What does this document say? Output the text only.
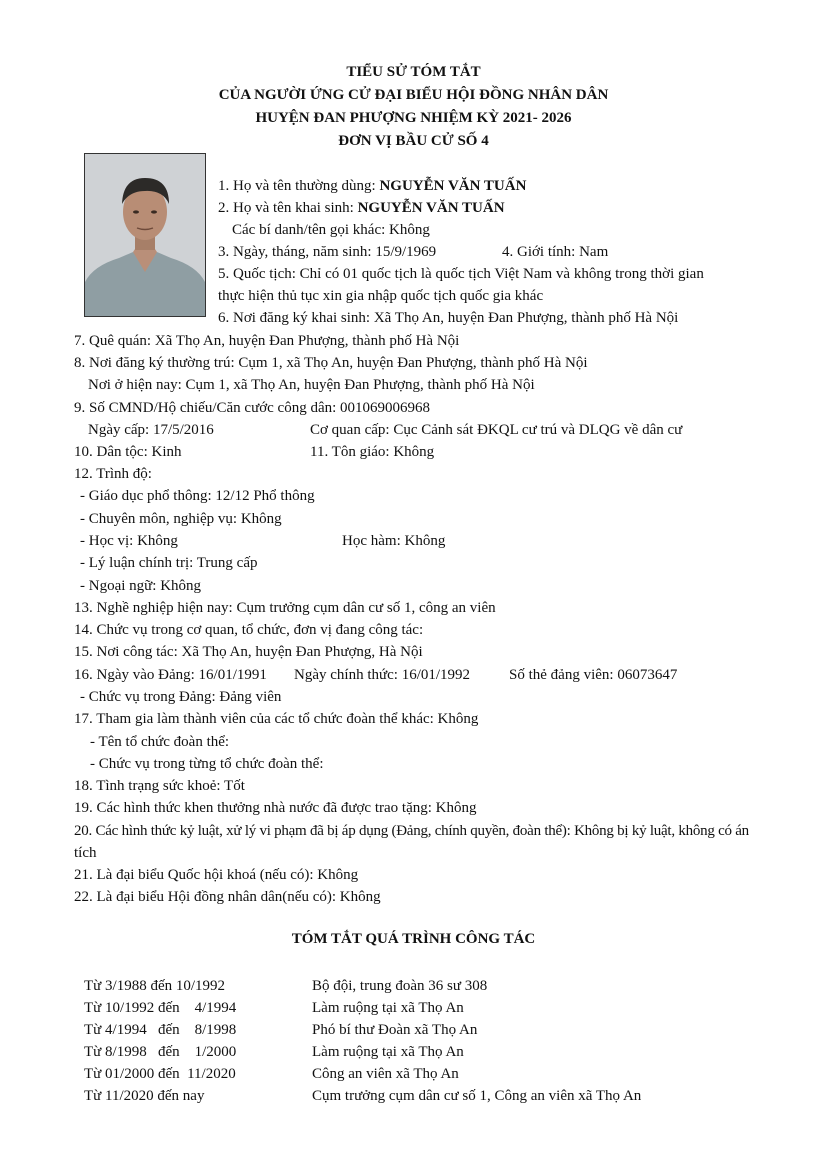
TIỂU SỬ TÓM TẮT
CỦA NGƯỜI ỨNG CỬ ĐẠI BIỂU HỘI ĐỒNG NHÂN DÂN
HUYỆN ĐAN PHƯỢNG NHIỆM KỲ 2021- 2026
ĐƠN VỊ BẦU CỬ SỐ 4
1. Họ và tên thường dùng: NGUYỄN VĂN TUẤN
2. Họ và tên khai sinh: NGUYỄN VĂN TUẤN
Các bí danh/tên gọi khác: Không
3. Ngày, tháng, năm sinh: 15/9/1969	4. Giới tính: Nam
5. Quốc tịch: Chỉ có 01 quốc tịch là quốc tịch Việt Nam và không trong thời gian
thực hiện thủ tục xin gia nhập quốc tịch quốc gia khác
6. Nơi đăng ký khai sinh: Xã Thọ An, huyện Đan Phượng, thành phố Hà Nội
7. Quê quán: Xã Thọ An, huyện Đan Phượng, thành phố Hà Nội
8. Nơi đăng ký thường trú: Cụm 1, xã Thọ An, huyện Đan Phượng, thành phố Hà Nội
Nơi ở hiện nay: Cụm 1, xã Thọ An, huyện Đan Phượng, thành phố Hà Nội
9. Số CMND/Hộ chiếu/Căn cước công dân: 001069006968
Ngày cấp: 17/5/2016	Cơ quan cấp: Cục Cảnh sát ĐKQL cư trú và DLQG về dân cư
10. Dân tộc: Kinh	11. Tôn giáo: Không
12. Trình độ:
- Giáo dục phổ thông: 12/12 Phổ thông
- Chuyên môn, nghiệp vụ: Không
- Học vị: Không	Học hàm: Không
- Lý luận chính trị: Trung cấp
- Ngoại ngữ: Không
13. Nghề nghiệp hiện nay: Cụm trưởng cụm dân cư số 1, công an viên
14. Chức vụ trong cơ quan, tổ chức, đơn vị đang công tác:
15. Nơi công tác: Xã Thọ An, huyện Đan Phượng, Hà Nội
16. Ngày vào Đảng: 16/01/1991 Ngày chính thức: 16/01/1992	Số thẻ đảng viên: 06073647
- Chức vụ trong Đảng: Đảng viên
17. Tham gia làm thành viên của các tổ chức đoàn thể khác: Không
- Tên tổ chức đoàn thể:
- Chức vụ trong từng tổ chức đoàn thể:
18. Tình trạng sức khoẻ: Tốt
19. Các hình thức khen thưởng nhà nước đã được trao tặng: Không
20. Các hình thức kỷ luật, xử lý vi phạm đã bị áp dụng (Đảng, chính quyền, đoàn thể): Không bị kỷ luật, không có án
tích
21. Là đại biểu Quốc hội khoá (nếu có): Không
22. Là đại biểu Hội đồng nhân dân(nếu có): Không
TÓM TẮT QUÁ TRÌNH CÔNG TÁC
Từ 3/1988 đến 10/1992	Bộ đội, trung đoàn 36 sư 308
Từ 10/1992 đến    4/1994	Làm ruộng tại xã Thọ An
Từ 4/1994   đến    8/1998	Phó bí thư Đoàn xã Thọ An
Từ 8/1998   đến    1/2000	Làm ruộng tại xã Thọ An
Từ 01/2000 đến  11/2020	Công an viên xã Thọ An
Từ 11/2020 đến nay	Cụm trưởng cụm dân cư số 1, Công an viên xã Thọ An
